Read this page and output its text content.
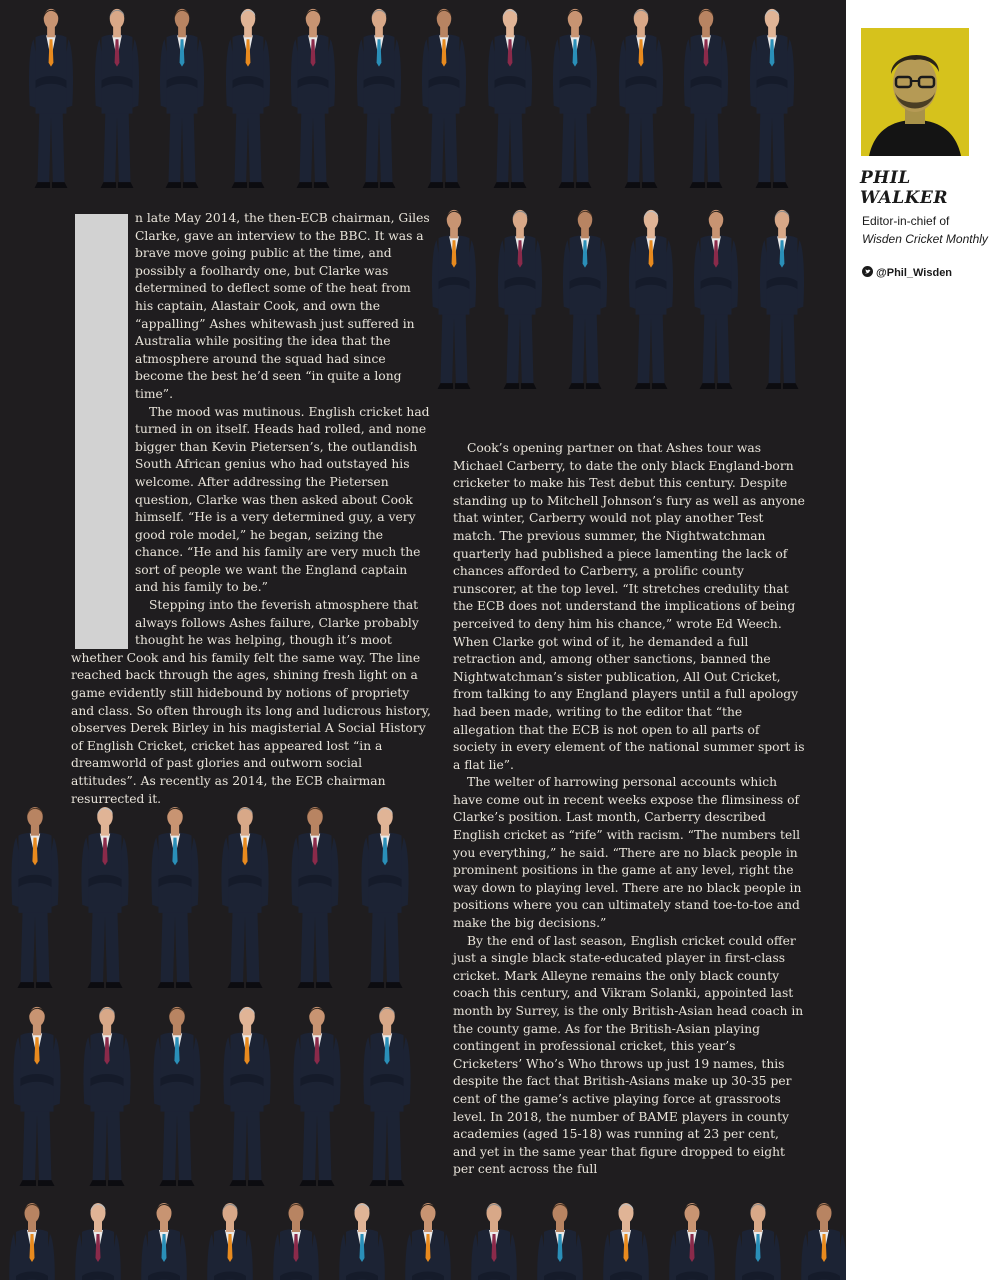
n late May 2014, the then-ECB chairman, Giles Clarke, gave an interview to the BBC. It was a brave move going public at the time, and possibly a foolhardy one, but Clarke was determined to deflect some of the heat from his captain, Alastair Cook, and own the “appalling” Ashes whitewash just suffered in Australia while positing the idea that the atmosphere around the squad had since become the best he’d seen “in quite a long time”.

The mood was mutinous. English cricket had turned in on itself. Heads had rolled, and none bigger than Kevin Pietersen’s, the outlandish South African genius who had outstayed his welcome. After addressing the Pietersen question, Clarke was then asked about Cook himself. “He is a very determined guy, a very good role model,” he began, seizing the chance. “He and his family are very much the sort of people we want the England captain and his family to be.”

Stepping into the feverish atmosphere that always follows Ashes failure, Clarke probably thought he was helping, though it’s moot whether Cook and his family felt the same way. The line reached back through the ages, shining fresh light on a game evidently still hidebound by notions of propriety and class. So often through its long and ludicrous history, observes Derek Birley in his magisterial A Social History of English Cricket, cricket has appeared lost “in a dreamworld of past glories and outworn social attitudes”. As recently as 2014, the ECB chairman resurrected it.

Cook’s opening partner on that Ashes tour was Michael Carberry, to date the only black England-born cricketer to make his Test debut this century. Despite standing up to Mitchell Johnson’s fury as well as anyone that winter, Carberry would not play another Test match. The previous summer, the Nightwatchman quarterly had published a piece lamenting the lack of chances afforded to Carberry, a prolific county runscorer, at the top level. “It stretches credulity that the ECB does not understand the implications of being perceived to deny him his chance,” wrote Ed Weech. When Clarke got wind of it, he demanded a full retraction and, among other sanctions, banned the Nightwatchman’s sister publication, All Out Cricket, from talking to any England players until a full apology had been made, writing to the editor that “the allegation that the ECB is not open to all parts of society in every element of the national summer sport is a flat lie”.

The welter of harrowing personal accounts which have come out in recent weeks expose the flimsiness of Clarke’s position. Last month, Carberry described English cricket as “rife” with racism. “The numbers tell you everything,” he said. “There are no black people in prominent positions in the game at any level, right the way down to playing level. There are no black people in positions where you can ultimately stand toe-to-toe and make the big decisions.”

By the end of last season, English cricket could offer just a single black state-educated player in first-class cricket. Mark Alleyne remains the only black county coach this century, and Vikram Solanki, appointed last month by Surrey, is the only British-Asian head coach in the county game. As for the British-Asian playing contingent in professional cricket, this year’s Cricketers’ Who’s Who throws up just 19 names, this despite the fact that British-Asians make up 30-35 per cent of the game’s active playing force at grassroots level. In 2018, the number of BAME players in county academies (aged 15-18) was running at 23 per cent, and yet in the same year that figure dropped to eight per cent across the full

PHIL
WALKER
Editor-in-chief of
Wisden Cricket Monthly
@Phil_Wisden
